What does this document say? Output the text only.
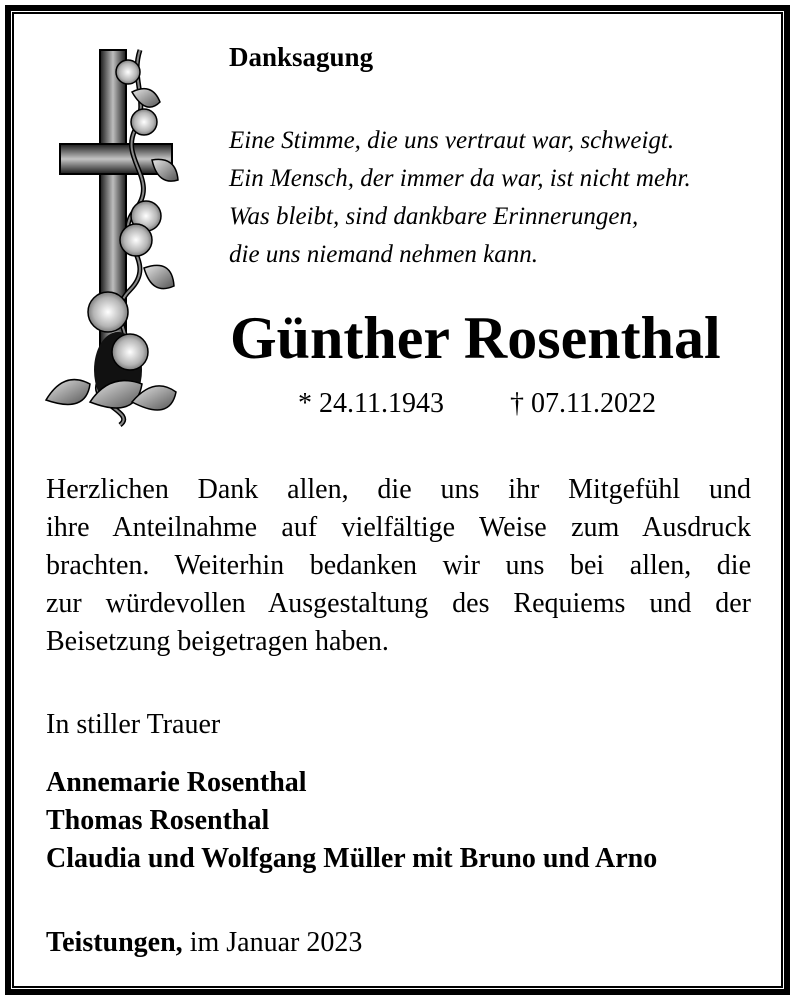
Danksagung
Eine Stimme, die uns vertraut war, schweigt.
Ein Mensch, der immer da war, ist nicht mehr.
Was bleibt, sind dankbare Erinnerungen,
die uns niemand nehmen kann.
Günther Rosenthal
* 24.11.1943 † 07.11.2022
Herzlichen Dank allen, die uns ihr Mitgefühl und
ihre Anteilnahme auf vielfältige Weise zum Ausdruck
brachten. Weiterhin bedanken wir uns bei allen, die
zur würdevollen Ausgestaltung des Requiems und der
Beisetzung beigetragen haben.
In stiller Trauer
Annemarie Rosenthal
Thomas Rosenthal
Claudia und Wolfgang Müller mit Bruno und Arno
Teistungen, im Januar 2023
